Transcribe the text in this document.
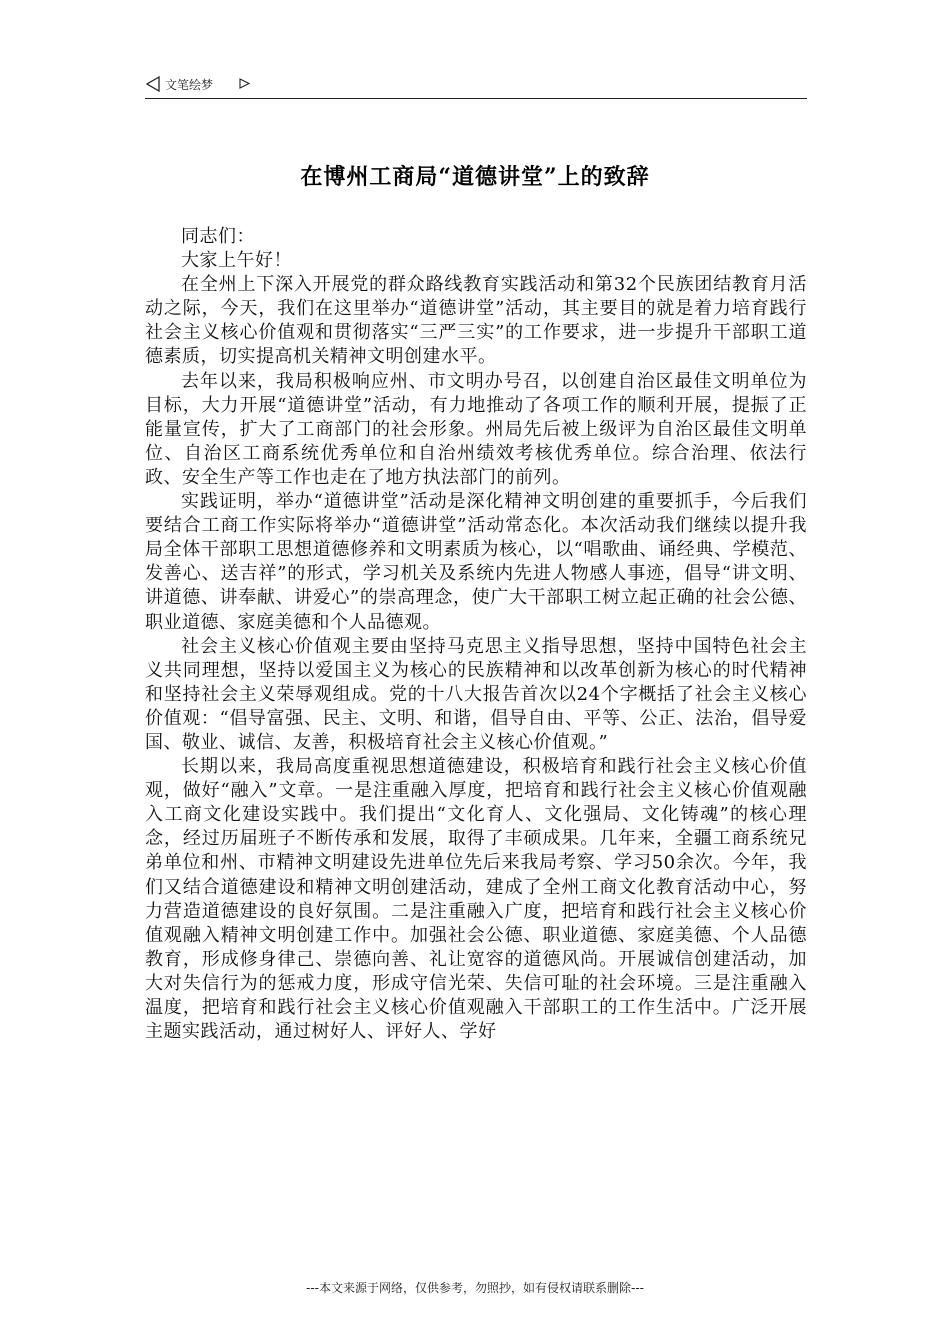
文笔绘梦
在博州工商局“道德讲堂”上的致辞

同志们：

大家上午好！

在全州上下深入开展党的群众路线教育实践活动和第32个民族团结教育月活动之际，今天，我们在这里举办“道德讲堂”活动，其主要目的就是着力培育践行社会主义核心价值观和贯彻落实“三严三实”的工作要求，进一步提升干部职工道德素质，切实提高机关精神文明创建水平。

去年以来，我局积极响应州、市文明办号召，以创建自治区最佳文明单位为目标，大力开展“道德讲堂”活动，有力地推动了各项工作的顺利开展，提振了正能量宣传，扩大了工商部门的社会形象。州局先后被上级评为自治区最佳文明单位、自治区工商系统优秀单位和自治州绩效考核优秀单位。综合治理、依法行政、安全生产等工作也走在了地方执法部门的前列。

实践证明，举办“道德讲堂”活动是深化精神文明创建的重要抓手，今后我们要结合工商工作实际将举办“道德讲堂”活动常态化。本次活动我们继续以提升我局全体干部职工思想道德修养和文明素质为核心，以“唱歌曲、诵经典、学模范、发善心、送吉祥”的形式，学习机关及系统内先进人物感人事迹，倡导“讲文明、讲道德、讲奉献、讲爱心”的崇高理念，使广大干部职工树立起正确的社会公德、职业道德、家庭美德和个人品德观。

社会主义核心价值观主要由坚持马克思主义指导思想，坚持中国特色社会主义共同理想，坚持以爱国主义为核心的民族精神和以改革创新为核心的时代精神和坚持社会主义荣辱观组成。党的十八大报告首次以24个字概括了社会主义核心价值观：“倡导富强、民主、文明、和谐，倡导自由、平等、公正、法治，倡导爱国、敬业、诚信、友善，积极培育社会主义核心价值观。”

长期以来，我局高度重视思想道德建设，积极培育和践行社会主义核心价值观，做好“融入”文章。一是注重融入厚度，把培育和践行社会主义核心价值观融入工商文化建设实践中。我们提出“文化育人、文化强局、文化铸魂”的核心理念，经过历届班子不断传承和发展，取得了丰硕成果。几年来，全疆工商系统兄弟单位和州、市精神文明建设先进单位先后来我局考察、学习50余次。今年，我们又结合道德建设和精神文明创建活动，建成了全州工商文化教育活动中心，努力营造道德建设的良好氛围。二是注重融入广度，把培育和践行社会主义核心价值观融入精神文明创建工作中。加强社会公德、职业道德、家庭美德、个人品德教育，形成修身律己、崇德向善、礼让宽容的道德风尚。开展诚信创建活动，加大对失信行为的惩戒力度，形成守信光荣、失信可耻的社会环境。三是注重融入温度，把培育和践行社会主义核心价值观融入干部职工的工作生活中。广泛开展主题实践活动，通过树好人、评好人、学好

---本文来源于网络，仅供参考，勿照抄，如有侵权请联系删除---
